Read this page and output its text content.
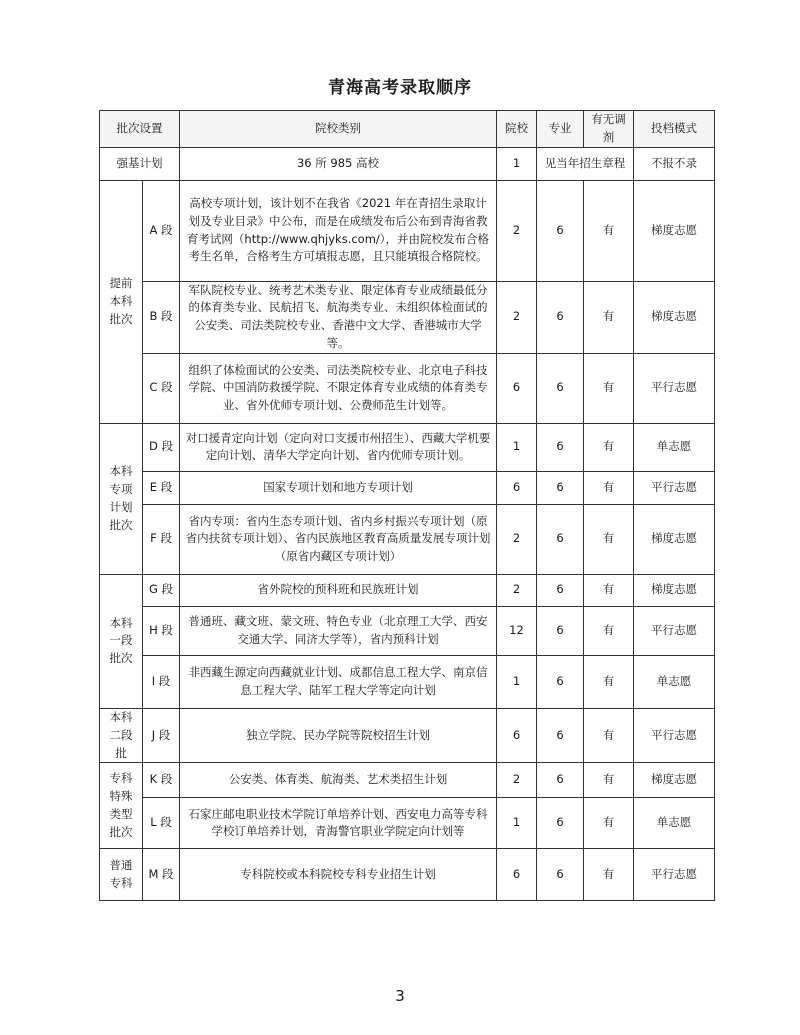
青海高考录取顺序
批次设置		院校类别	院校	专业	有无调剂	投档模式
强基计划		36 所 985 高校	1	见当年招生章程		不报不录
提前本科批次	A 段	高校专项计划，该计划不在我省《2021 年在青招生录取计划及专业目录》中公布，而是在成绩发布后公布到青海省教育考试网（http://www.qhjyks.com/），并由院校发布合格考生名单，合格考生方可填报志愿，且只能填报合格院校。	2	6	有	梯度志愿
	B 段	军队院校专业、统考艺术类专业、限定体育专业成绩最低分的体育类专业、民航招飞、航海类专业、未组织体检面试的公安类、司法类院校专业、香港中文大学、香港城市大学等。	2	6	有	梯度志愿
	C 段	组织了体检面试的公安类、司法类院校专业、北京电子科技学院、中国消防救援学院、不限定体育专业成绩的体育类专业、省外优师专项计划、公费师范生计划等。	6	6	有	平行志愿
本科专项计划批次	D 段	对口援青定向计划（定向对口支援市州招生）、西藏大学机要定向计划、清华大学定向计划、省内优师专项计划。	1	6	有	单志愿
	E 段	国家专项计划和地方专项计划	6	6	有	平行志愿
	F 段	省内专项：省内生态专项计划、省内乡村振兴专项计划（原省内扶贫专项计划）、省内民族地区教育高质量发展专项计划（原省内藏区专项计划）	2	6	有	梯度志愿
本科一段批次	G 段	省外院校的预科班和民族班计划	2	6	有	梯度志愿
	H 段	普通班、藏文班、蒙文班、特色专业（北京理工大学、西安交通大学、同济大学等），省内预科计划	12	6	有	平行志愿
	I 段	非西藏生源定向西藏就业计划、成都信息工程大学、南京信息工程大学、陆军工程大学等定向计划	1	6	有	单志愿
本科二段批	J 段	独立学院、民办学院等院校招生计划	6	6	有	平行志愿
专科特殊类型批次	K 段	公安类、体育类、航海类、艺术类招生计划	2	6	有	梯度志愿
	L 段	石家庄邮电职业技术学院订单培养计划、西安电力高等专科学校订单培养计划，青海警官职业学院定向计划等	1	6	有	单志愿
普通专科	M 段	专科院校或本科院校专科专业招生计划	6	6	有	平行志愿
3
